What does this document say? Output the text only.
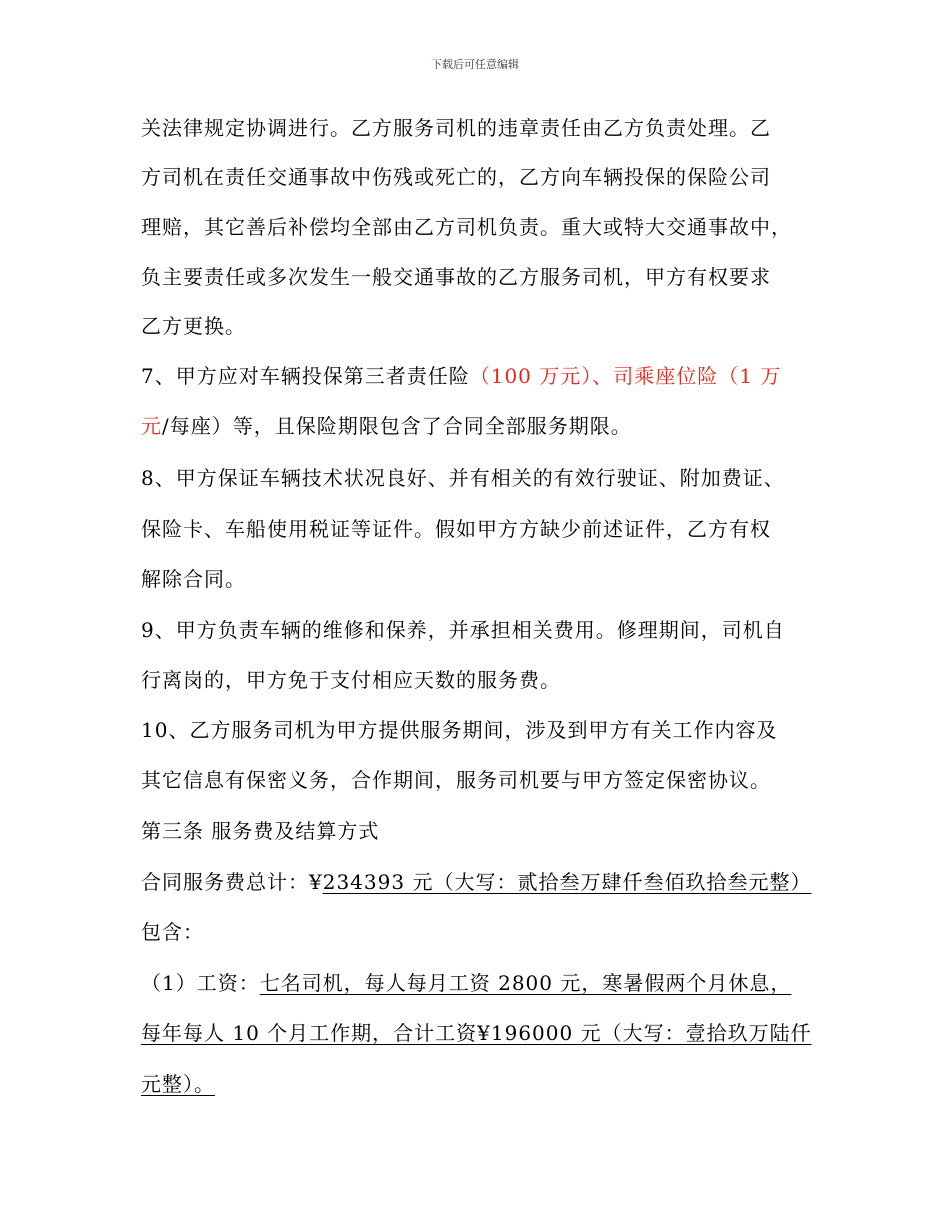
下载后可任意编辑
关法律规定协调进行。乙方服务司机的违章责任由乙方负责处理。乙
方司机在责任交通事故中伤残或死亡的，乙方向车辆投保的保险公司
理赔，其它善后补偿均全部由乙方司机负责。重大或特大交通事故中，
负主要责任或多次发生一般交通事故的乙方服务司机，甲方有权要求
乙方更换。
7、甲方应对车辆投保第三者责任险（100 万元）、司乘座位险（1 万
元/每座）等，且保险期限包含了合同全部服务期限。
8、甲方保证车辆技术状况良好、并有相关的有效行驶证、附加费证、
保险卡、车船使用税证等证件。假如甲方方缺少前述证件，乙方有权
解除合同。
9、甲方负责车辆的维修和保养，并承担相关费用。修理期间，司机自
行离岗的，甲方免于支付相应天数的服务费。
10、乙方服务司机为甲方提供服务期间，涉及到甲方有关工作内容及
其它信息有保密义务，合作期间，服务司机要与甲方签定保密协议。
第三条 服务费及结算方式
合同服务费总计：¥234393 元（大写：贰拾叁万肆仟叁佰玖拾叁元整）
包含：
（1）工资：七名司机，每人每月工资 2800 元，寒暑假两个月休息，
每年每人 10 个月工作期，合计工资¥196000 元（大写：壹拾玖万陆仟
元整）。
